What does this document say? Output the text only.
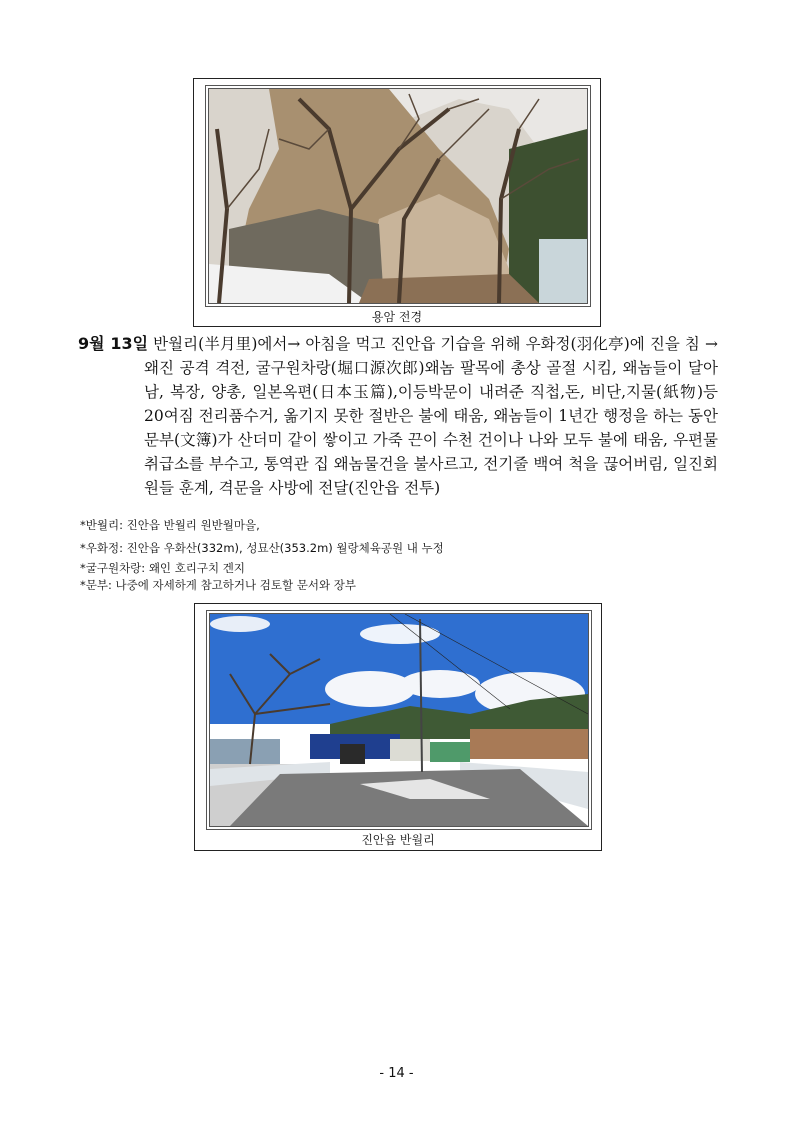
용암 전경
9월 13일 반월리(半月里)에서→ 아침을 먹고 진안읍 기습을 위해 우화정(羽化亭)에 진을 침 → 왜진 공격 격전, 굴구원차랑(堀口源次郎)왜놈 팔목에 총상 골절 시킴, 왜놈들이 달아남, 복장, 양총, 일본옥편(日本玉篇),이등박문이 내려준 직첩,돈, 비단,지물(紙物)등 20여짐 전리품수거, 옮기지 못한 절반은 불에 태움, 왜놈들이 1년간 행정을 하는 동안 문부(文簿)가 산더미 같이 쌓이고 가죽 끈이 수천 건이나 나와 모두 불에 태움, 우편물취급소를 부수고, 통역관 집 왜놈물건을 불사르고, 전기줄 백여 척을 끊어버림, 일진회원들 훈계, 격문을 사방에 전달(진안읍 전투)
*반월리: 진안읍 반월리 원반월마을,
*우화정: 진안읍 우화산(332m), 성묘산(353.2m) 월랑체육공원 내 누정
*굴구원차랑: 왜인 호리구치 겐지
*문부: 나중에 자세하게 참고하거나 검토할 문서와 장부
진안읍 반월리
- 14 -
